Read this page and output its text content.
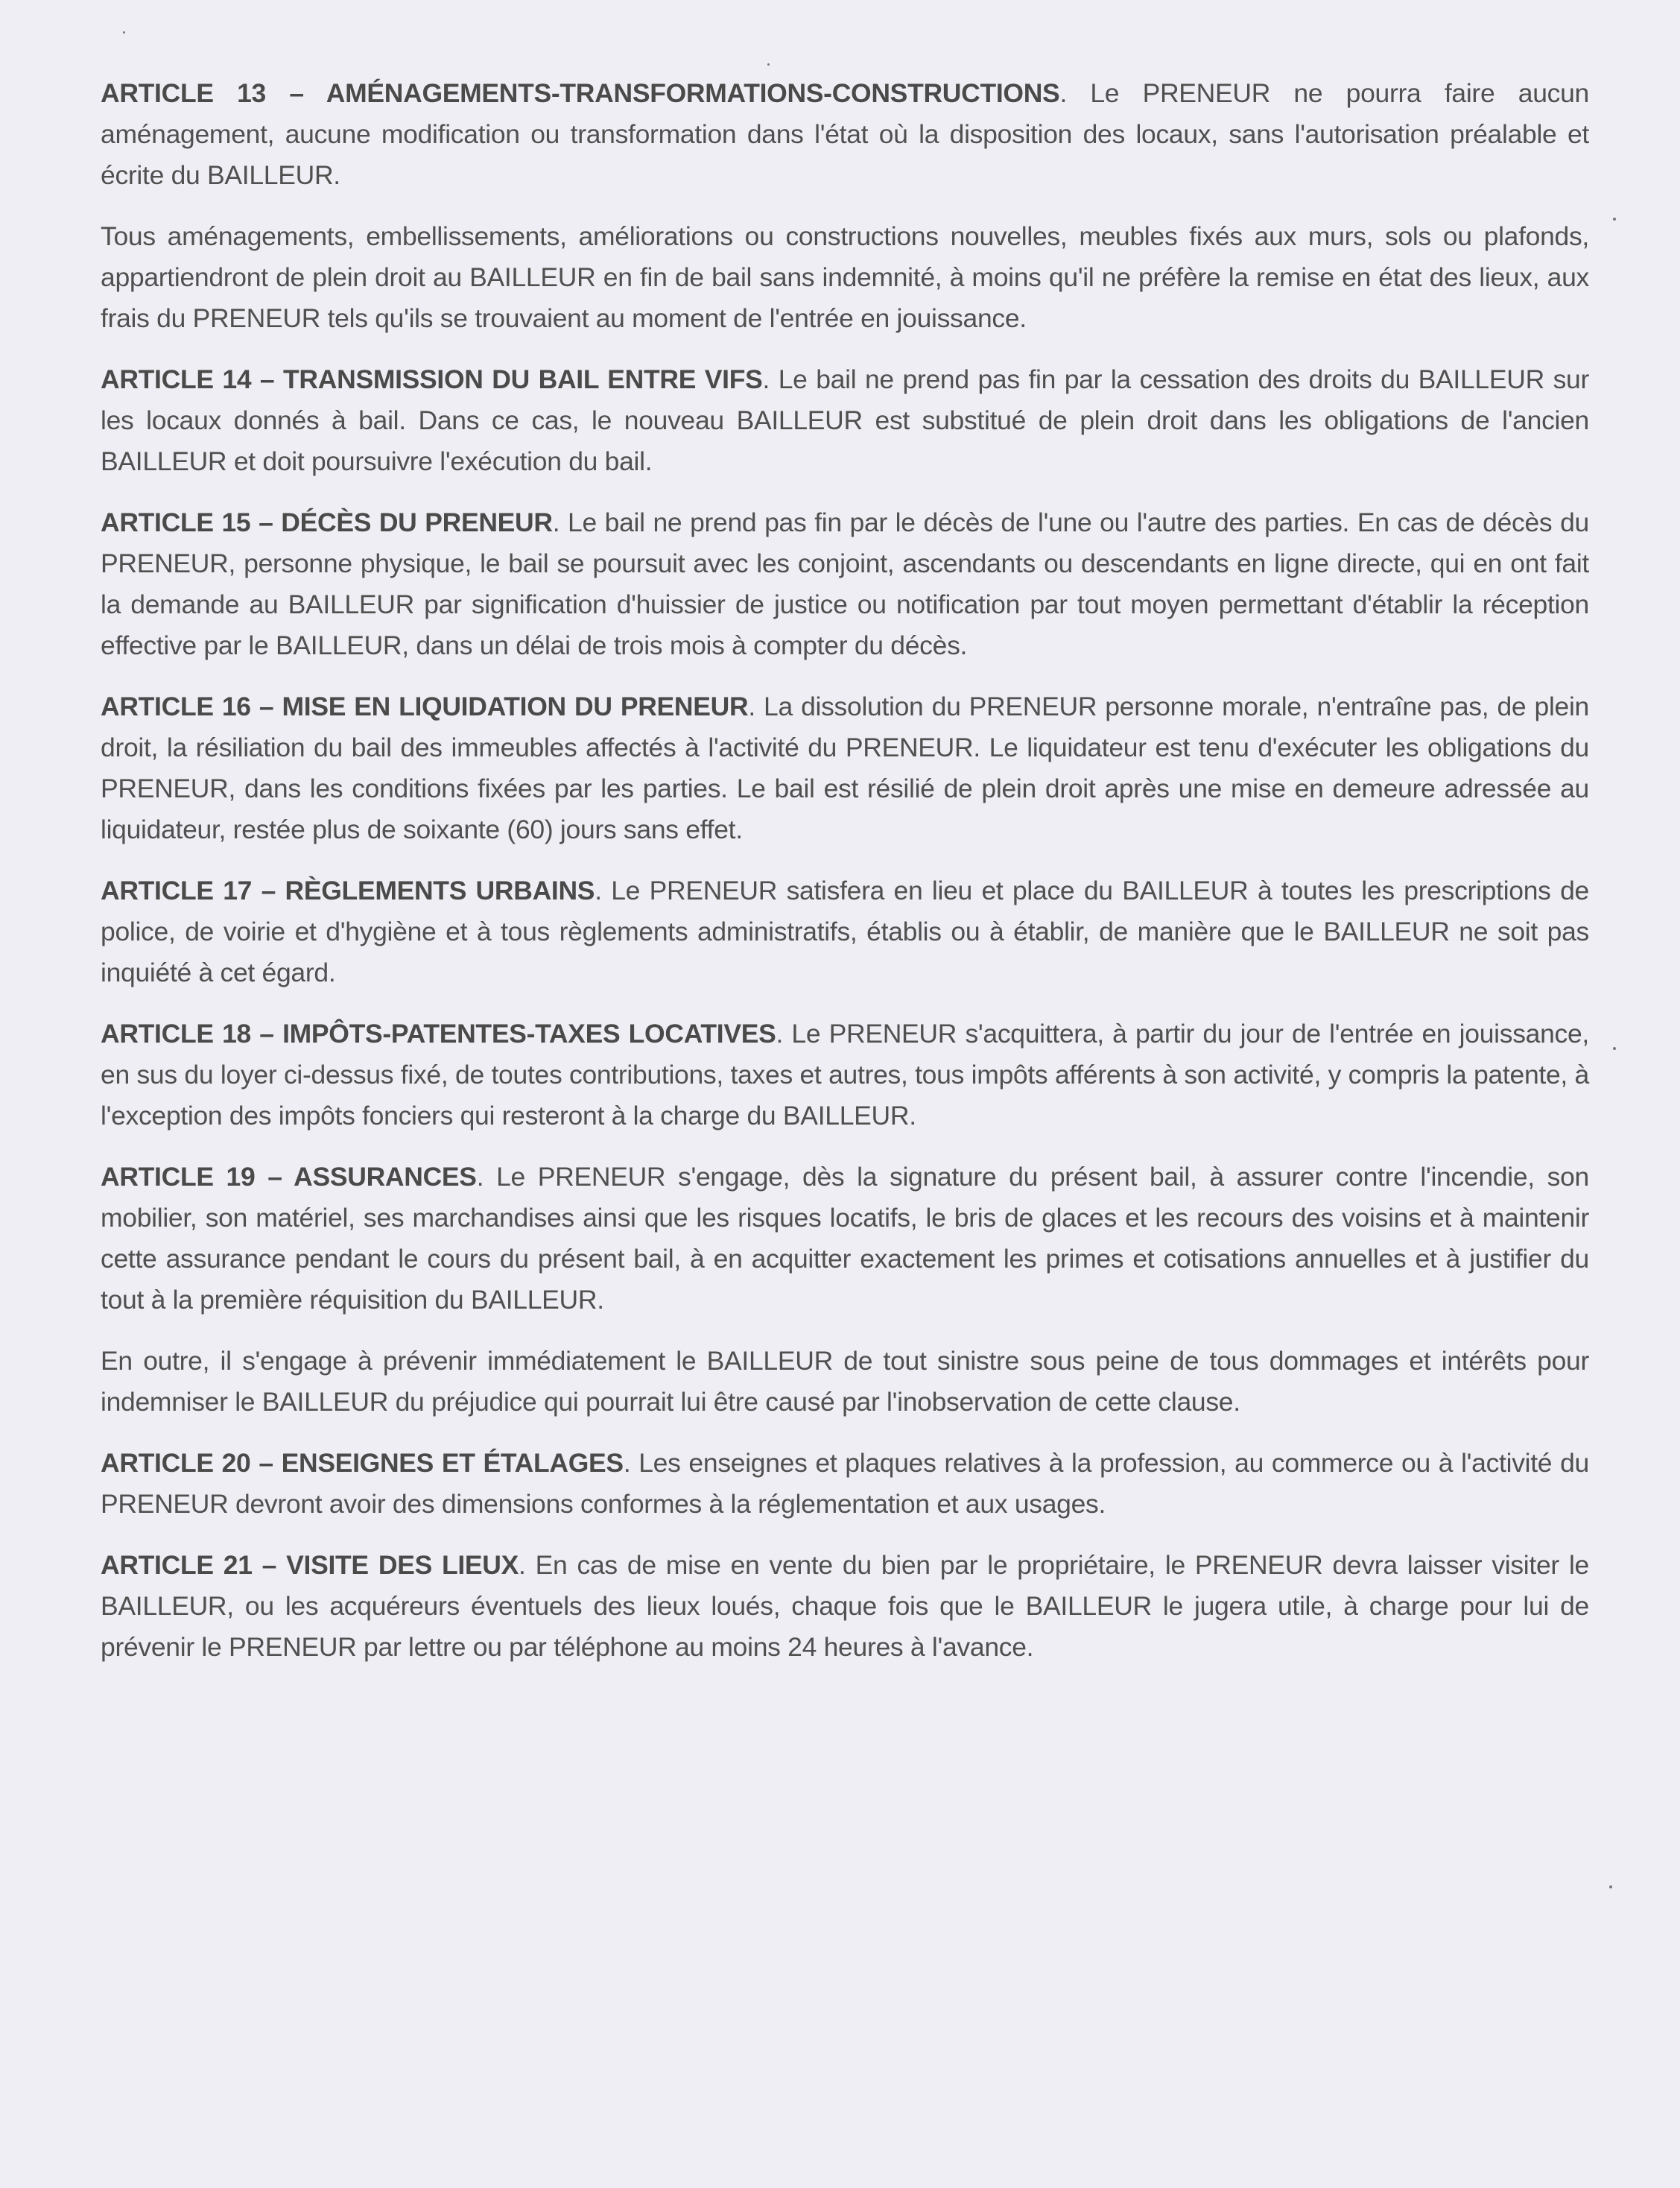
ARTICLE 13 – AMÉNAGEMENTS-TRANSFORMATIONS-CONSTRUCTIONS. Le PRENEUR ne pourra faire aucun aménagement, aucune modification ou transformation dans l'état où la disposition des locaux, sans l'autorisation préalable et écrite du BAILLEUR.

Tous aménagements, embellissements, améliorations ou constructions nouvelles, meubles fixés aux murs, sols ou plafonds, appartiendront de plein droit au BAILLEUR en fin de bail sans indemnité, à moins qu'il ne préfère la remise en état des lieux, aux frais du PRENEUR tels qu'ils se trouvaient au moment de l'entrée en jouissance.

ARTICLE 14 – TRANSMISSION DU BAIL ENTRE VIFS. Le bail ne prend pas fin par la cessation des droits du BAILLEUR sur les locaux donnés à bail. Dans ce cas, le nouveau BAILLEUR est substitué de plein droit dans les obligations de l'ancien BAILLEUR et doit poursuivre l'exécution du bail.

ARTICLE 15 – DÉCÈS DU PRENEUR. Le bail ne prend pas fin par le décès de l'une ou l'autre des parties. En cas de décès du PRENEUR, personne physique, le bail se poursuit avec les conjoint, ascendants ou descendants en ligne directe, qui en ont fait la demande au BAILLEUR par signification d'huissier de justice ou notification par tout moyen permettant d'établir la réception effective par le BAILLEUR, dans un délai de trois mois à compter du décès.

ARTICLE 16 – MISE EN LIQUIDATION DU PRENEUR. La dissolution du PRENEUR personne morale, n'entraîne pas, de plein droit, la résiliation du bail des immeubles affectés à l'activité du PRENEUR. Le liquidateur est tenu d'exécuter les obligations du PRENEUR, dans les conditions fixées par les parties. Le bail est résilié de plein droit après une mise en demeure adressée au liquidateur, restée plus de soixante (60) jours sans effet.

ARTICLE 17 – RÈGLEMENTS URBAINS. Le PRENEUR satisfera en lieu et place du BAILLEUR à toutes les prescriptions de police, de voirie et d'hygiène et à tous règlements administratifs, établis ou à établir, de manière que le BAILLEUR ne soit pas inquiété à cet égard.

ARTICLE 18 – IMPÔTS-PATENTES-TAXES LOCATIVES. Le PRENEUR s'acquittera, à partir du jour de l'entrée en jouissance, en sus du loyer ci-dessus fixé, de toutes contributions, taxes et autres, tous impôts afférents à son activité, y compris la patente, à l'exception des impôts fonciers qui resteront à la charge du BAILLEUR.

ARTICLE 19 – ASSURANCES. Le PRENEUR s'engage, dès la signature du présent bail, à assurer contre l'incendie, son mobilier, son matériel, ses marchandises ainsi que les risques locatifs, le bris de glaces et les recours des voisins et à maintenir cette assurance pendant le cours du présent bail, à en acquitter exactement les primes et cotisations annuelles et à justifier du tout à la première réquisition du BAILLEUR.

En outre, il s'engage à prévenir immédiatement le BAILLEUR de tout sinistre sous peine de tous dommages et intérêts pour indemniser le BAILLEUR du préjudice qui pourrait lui être causé par l'inobservation de cette clause.

ARTICLE 20 – ENSEIGNES ET ÉTALAGES. Les enseignes et plaques relatives à la profession, au commerce ou à l'activité du PRENEUR devront avoir des dimensions conformes à la réglementation et aux usages.

ARTICLE 21 – VISITE DES LIEUX. En cas de mise en vente du bien par le propriétaire, le PRENEUR devra laisser visiter le BAILLEUR, ou les acquéreurs éventuels des lieux loués, chaque fois que le BAILLEUR le jugera utile, à charge pour lui de prévenir le PRENEUR par lettre ou par téléphone au moins 24 heures à l'avance.
